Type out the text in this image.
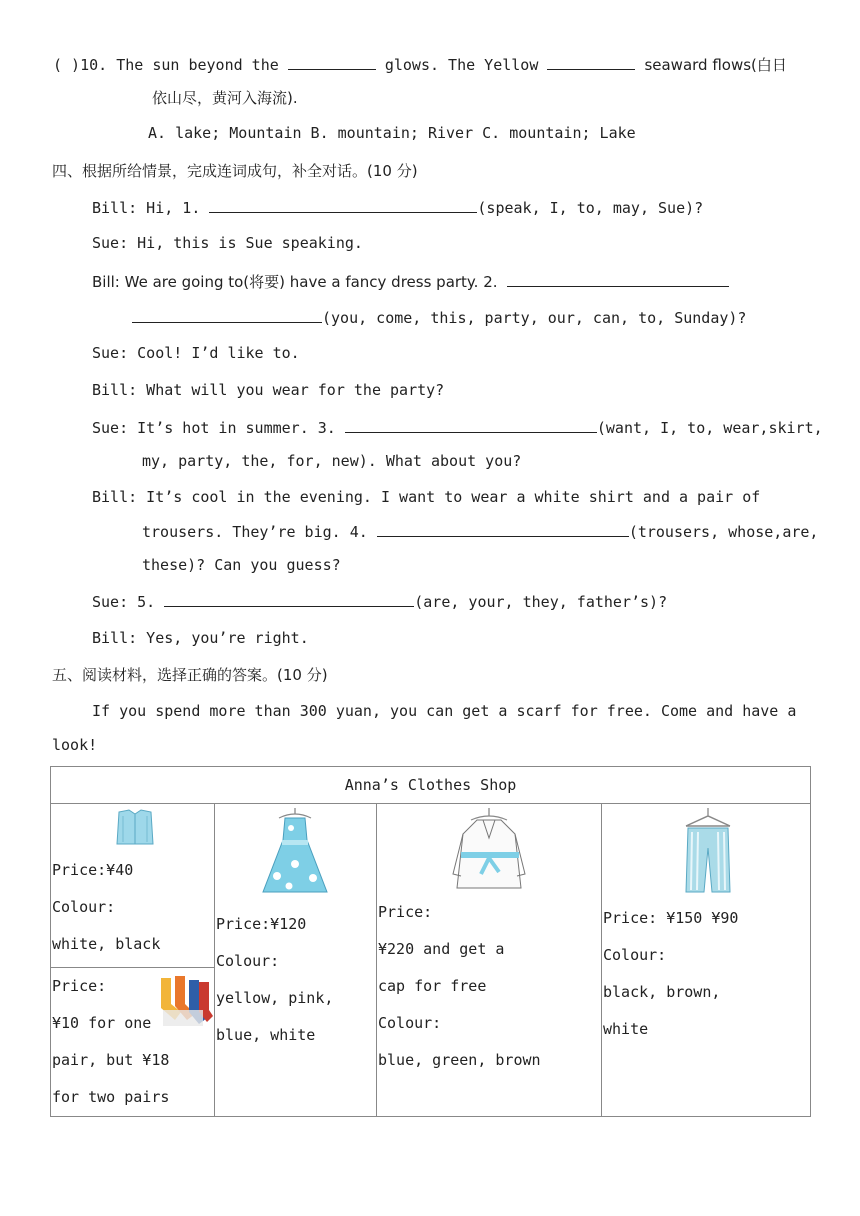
( )10. The sun beyond the	glows. The Yellow	seaward flows(白日
依山尽，黄河入海流).
A. lake; Mountain B. mountain; River C. mountain; Lake
四、根据所给情景，完成连词成句，补全对话。(10 分)
Bill: Hi, 1.	(speak, I, to, may, Sue)?
Sue: Hi, this is Sue speaking.
Bill: We are going to(将要) have a fancy dress party. 2.
(you, come, this, party, our, can, to, Sunday)?
Sue: Cool! I’d like to.
Bill: What will you wear for the party?
Sue: It’s hot in summer. 3.	(want, I, to, wear,skirt,
my, party, the, for, new). What about you?
Bill: It’s cool in the evening. I want to wear a white shirt and a pair of
trousers. They’re big. 4.	(trousers, whose,are,
these)? Can you guess?
Sue: 5.	(are, your, they, father’s)?
Bill: Yes, you’re right.
五、阅读材料，选择正确的答案。(10 分)
If you spend more than 300 yuan, you can get a scarf for free. Come and have a
look!
Anna’s Clothes Shop

Price:¥40
Colour:
white, black

Price:¥120
Colour:
yellow, pink,
blue, white

Price:
¥220 and get a
cap for free
Colour:
blue, green, brown

Price: ¥150 ¥90
Colour:
black, brown,
white

Price:
¥10 for one
pair, but ¥18
for two pairs
